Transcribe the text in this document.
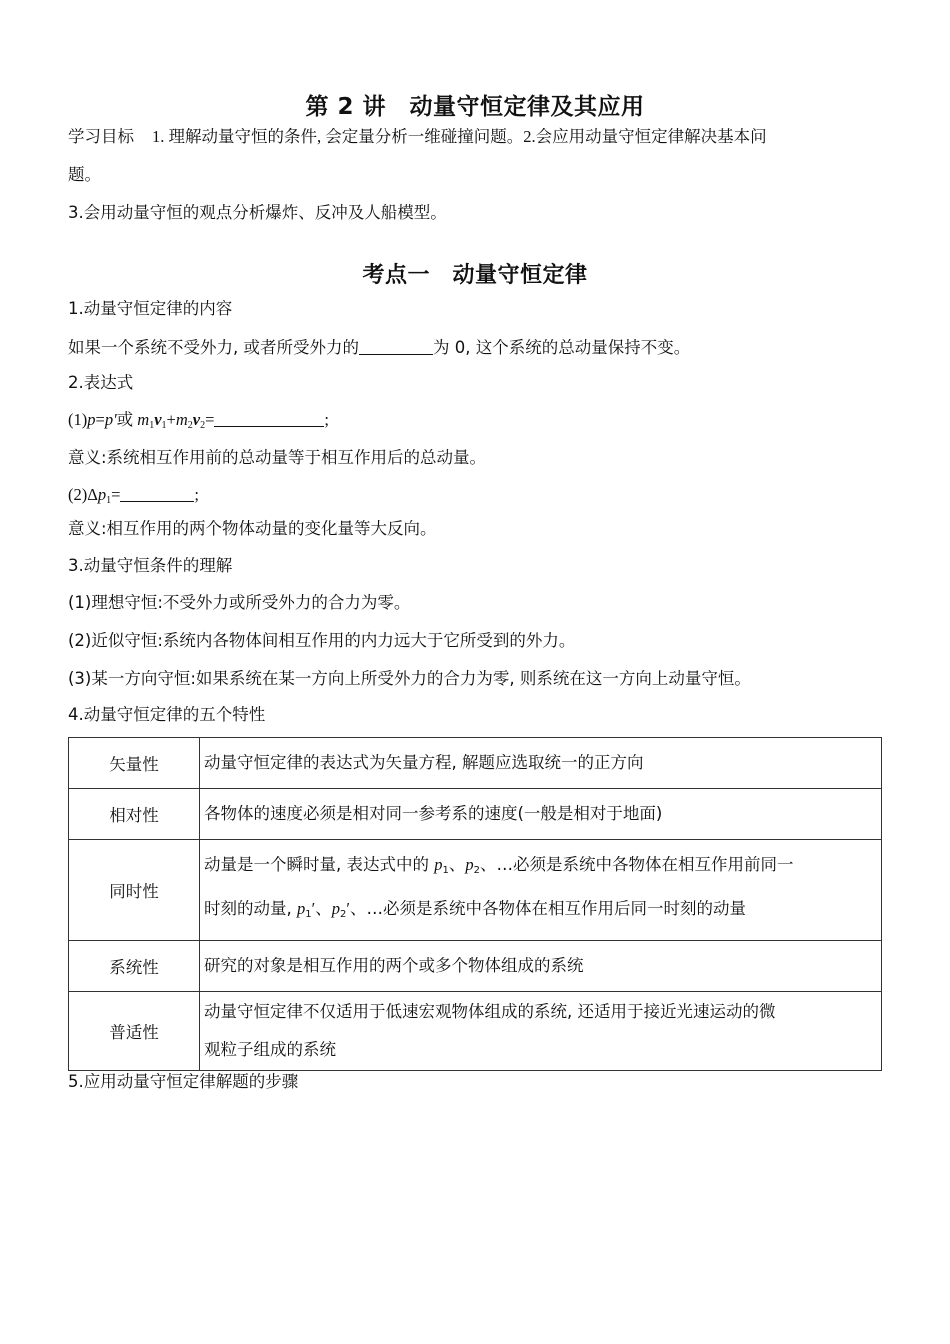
第 2 讲　动量守恒定律及其应用
学习目标 1. 理解动量守恒的条件, 会定量分析一维碰撞问题。2.会应用动量守恒定律解决基本问
题。
3.会用动量守恒的观点分析爆炸、反冲及人船模型。
考点一　动量守恒定律
1.动量守恒定律的内容
如果一个系统不受外力, 或者所受外力的	为 0, 这个系统的总动量保持不变。
2.表达式
(1)p=p′或 $m_1v_1+m_2v_2=$	;
意义:系统相互作用前的总动量等于相互作用后的总动量。
$(2)\Delta p_1=$	;
意义:相互作用的两个物体动量的变化量等大反向。
3.动量守恒条件的理解
(1)理想守恒:不受外力或所受外力的合力为零。
(2)近似守恒:系统内各物体间相互作用的内力远大于它所受到的外力。
(3)某一方向守恒:如果系统在某一方向上所受外力的合力为零, 则系统在这一方向上动量守恒。
4.动量守恒定律的五个特性
矢量性	动量守恒定律的表达式为矢量方程, 解题应选取统一的正方向
相对性	各物体的速度必须是相对同一参考系的速度(一般是相对于地面)
同时性	动量是一个瞬时量, 表达式中的 $p_1$、$p_2$、…必须是系统中各物体在相互作用前同一
时刻的动量, $p_1'$、$p_2'$、…必须是系统中各物体在相互作用后同一时刻的动量

系统性	研究的对象是相互作用的两个或多个物体组成的系统
普适性	动量守恒定律不仅适用于低速宏观物体组成的系统, 还适用于接近光速运动的微
观粒子组成的系统
5.应用动量守恒定律解题的步骤
